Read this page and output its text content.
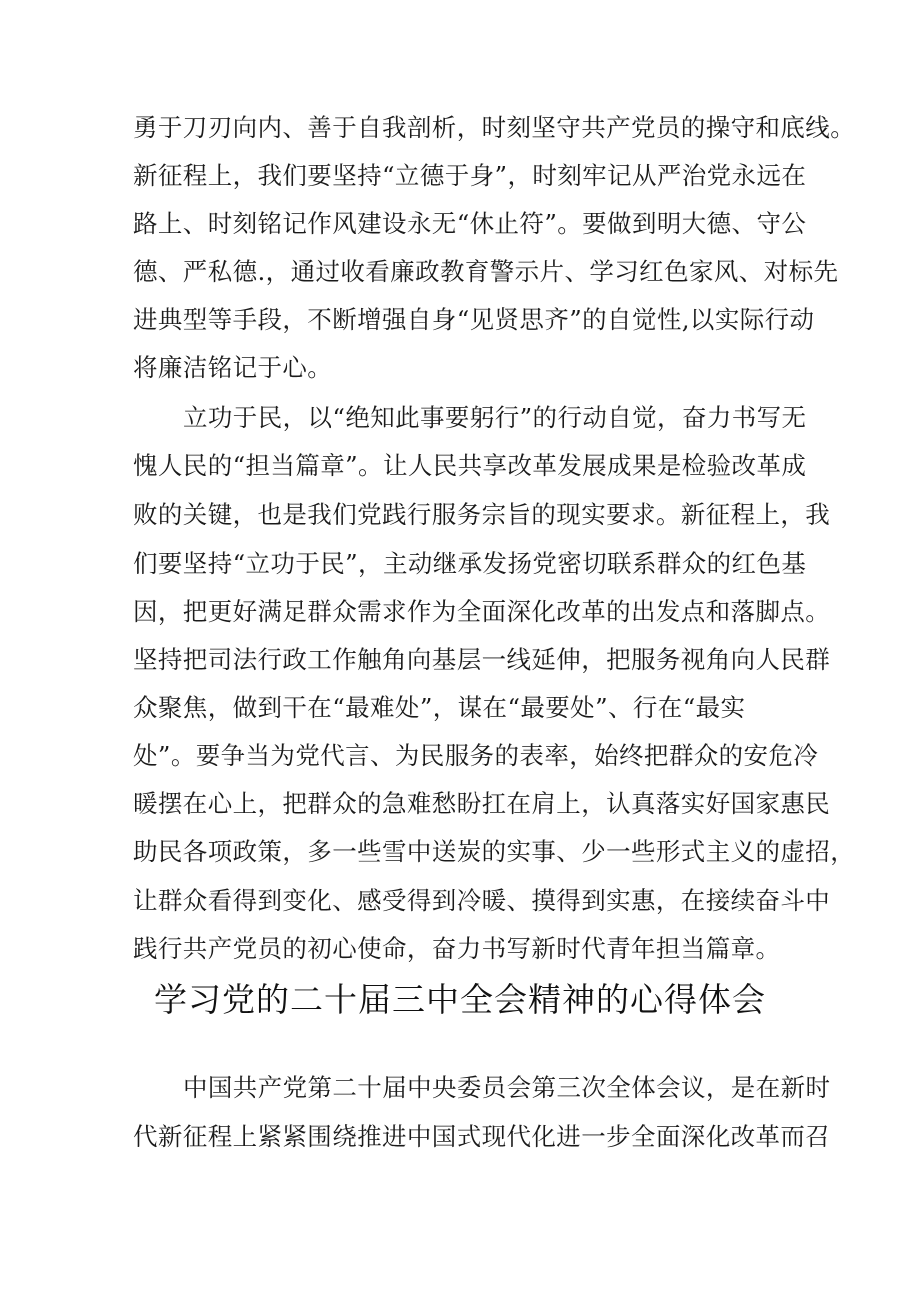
勇于刀刃向内、善于自我剖析，时刻坚守共产党员的操守和底线。
新征程上，我们要坚持“立德于身”，时刻牢记从严治党永远在
路上、时刻铭记作风建设永无“休止符”。要做到明大德、守公
德、严私德.，通过收看廉政教育警示片、学习红色家风、对标先
进典型等手段，不断增强自身“见贤思齐”的自觉性,以实际行动
将廉洁铭记于心。
立功于民，以“绝知此事要躬行”的行动自觉，奋力书写无
愧人民的“担当篇章”。让人民共享改革发展成果是检验改革成
败的关键，也是我们党践行服务宗旨的现实要求。新征程上，我
们要坚持“立功于民”，主动继承发扬党密切联系群众的红色基
因，把更好满足群众需求作为全面深化改革的出发点和落脚点。
坚持把司法行政工作触角向基层一线延伸，把服务视角向人民群
众聚焦，做到干在“最难处”，谋在“最要处”、行在“最实
处”。要争当为党代言、为民服务的表率，始终把群众的安危冷
暖摆在心上，把群众的急难愁盼扛在肩上，认真落实好国家惠民
助民各项政策，多一些雪中送炭的实事、少一些形式主义的虚招，
让群众看得到变化、感受得到冷暖、摸得到实惠，在接续奋斗中
践行共产党员的初心使命，奋力书写新时代青年担当篇章。
学习党的二十届三中全会精神的心得体会
中国共产党第二十届中央委员会第三次全体会议，是在新时
代新征程上紧紧围绕推进中国式现代化进一步全面深化改革而召
